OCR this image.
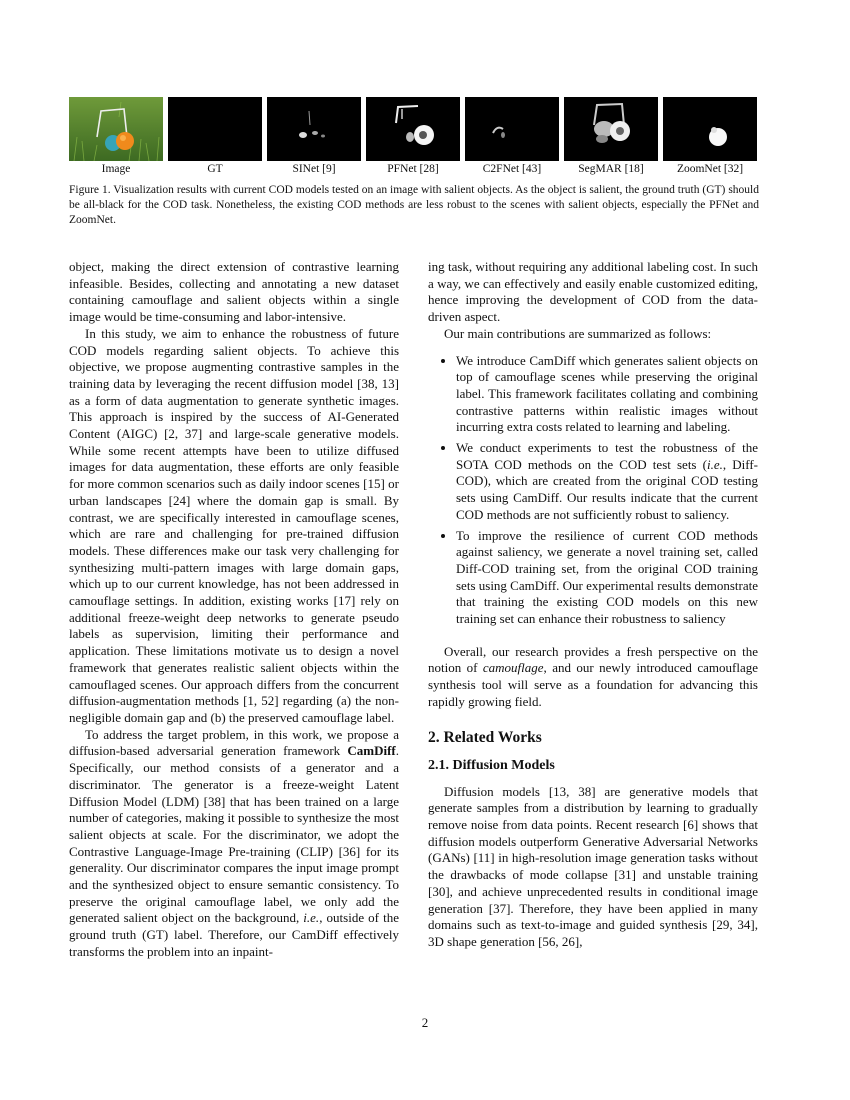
Image	GT	SINet [9]	PFNet [28]	C2FNet [43]	SegMAR [18]	ZoomNet [32]
Figure 1. Visualization results with current COD models tested on an image with salient objects. As the object is salient, the ground truth (GT) should be all-black for the COD task. Nonetheless, the existing COD methods are less robust to the scenes with salient objects, especially the PFNet and ZoomNet.

object, making the direct extension of contrastive learning infeasible. Besides, collecting and annotating a new dataset containing camouflage and salient objects within a single image would be time-consuming and labor-intensive.

In this study, we aim to enhance the robustness of future COD models regarding salient objects. To achieve this objective, we propose augmenting contrastive samples in the training data by leveraging the recent diffusion model [38, 13] as a form of data augmentation to generate synthetic images. This approach is inspired by the success of AI-Generated Content (AIGC) [2, 37] and large-scale generative models. While some recent attempts have been to utilize diffused images for data augmentation, these efforts are only feasible for more common scenarios such as daily indoor scenes [15] or urban landscapes [24] where the domain gap is small. By contrast, we are specifically interested in camouflage scenes, which are rare and challenging for pre-trained diffusion models. These differences make our task very challenging for synthesizing multi-pattern images with large domain gaps, which up to our current knowledge, has not been addressed in camouflage settings. In addition, existing works [17] rely on additional freeze-weight deep networks to generate pseudo labels as supervision, limiting their performance and application. These limitations motivate us to design a novel framework that generates realistic salient objects within the camouflaged scenes. Our approach differs from the concurrent diffusion-augmentation methods [1, 52] regarding (a) the non-negligible domain gap and (b) the preserved camouflage label.

To address the target problem, in this work, we propose a diffusion-based adversarial generation framework CamDiff. Specifically, our method consists of a generator and a discriminator. The generator is a freeze-weight Latent Diffusion Model (LDM) [38] that has been trained on a large number of categories, making it possible to synthesize the most salient objects at scale. For the discriminator, we adopt the Contrastive Language-Image Pre-training (CLIP) [36] for its generality. Our discriminator compares the input image prompt and the synthesized object to ensure semantic consistency. To preserve the original camouflage label, we only add the generated salient object on the background, i.e., outside of the ground truth (GT) label. Therefore, our CamDiff effectively transforms the problem into an inpaint-

ing task, without requiring any additional labeling cost. In such a way, we can effectively and easily enable customized editing, hence improving the development of COD from the data-driven aspect.

Our main contributions are summarized as follows:

• We introduce CamDiff which generates salient objects on top of camouflage scenes while preserving the original label. This framework facilitates collating and combining contrastive patterns within realistic images without incurring extra costs related to learning and labeling.
• We conduct experiments to test the robustness of the SOTA COD methods on the COD test sets (i.e., Diff-COD), which are created from the original COD testing sets using CamDiff. Our results indicate that the current COD methods are not sufficiently robust to saliency.
• To improve the resilience of current COD methods against saliency, we generate a novel training set, called Diff-COD training set, from the original COD training sets using CamDiff. Our experimental results demonstrate that training the existing COD models on this new training set can enhance their robustness to saliency

Overall, our research provides a fresh perspective on the notion of camouflage, and our newly introduced camouflage synthesis tool will serve as a foundation for advancing this rapidly growing field.

2. Related Works
2.1. Diffusion Models

Diffusion models [13, 38] are generative models that generate samples from a distribution by learning to gradually remove noise from data points. Recent research [6] shows that diffusion models outperform Generative Adversarial Networks (GANs) [11] in high-resolution image generation tasks without the drawbacks of mode collapse [31] and unstable training [30], and achieve unprecedented results in conditional image generation [37]. Therefore, they have been applied in many domains such as text-to-image and guided synthesis [29, 34], 3D shape generation [56, 26],

2
